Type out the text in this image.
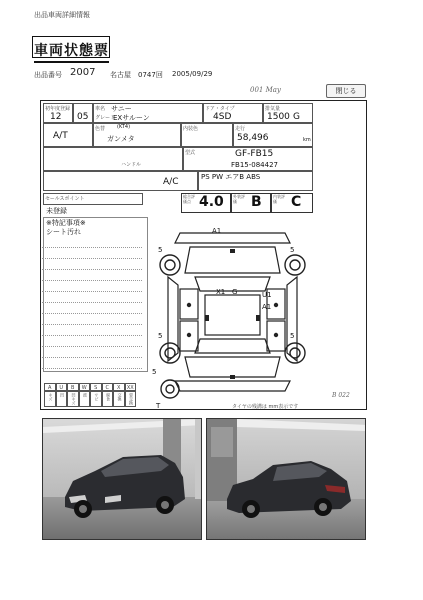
出品車両詳細情報
車両状態票
出品番号 2007 名古屋 0747回 2005/09/29
001 May	閉じる
初年度登録
12 05
車名 サニー
グレード
EXサルーン
ドア・タイプ
4SD
排気量
1500 G
A/T
色替	(KT4)
ガンメタ
内装色	走行
58,496	km
ハンドル
型式	GF-FB15
FB15-084427
A/C	PS PW エアB ABS
セールスポイント
未登録
総合評価点 4.0 外装評価	B	内装評価	C
※特記事項※
シート汚れ	A1
X1 G	U1
A1
5	5
5	5
5
T	タイヤの残溝は mm表示です
B 022
A	U	B	W	S	C	X	XX
キズ	凹	凹キズ	波	サビ	腐食	交換	要交換
